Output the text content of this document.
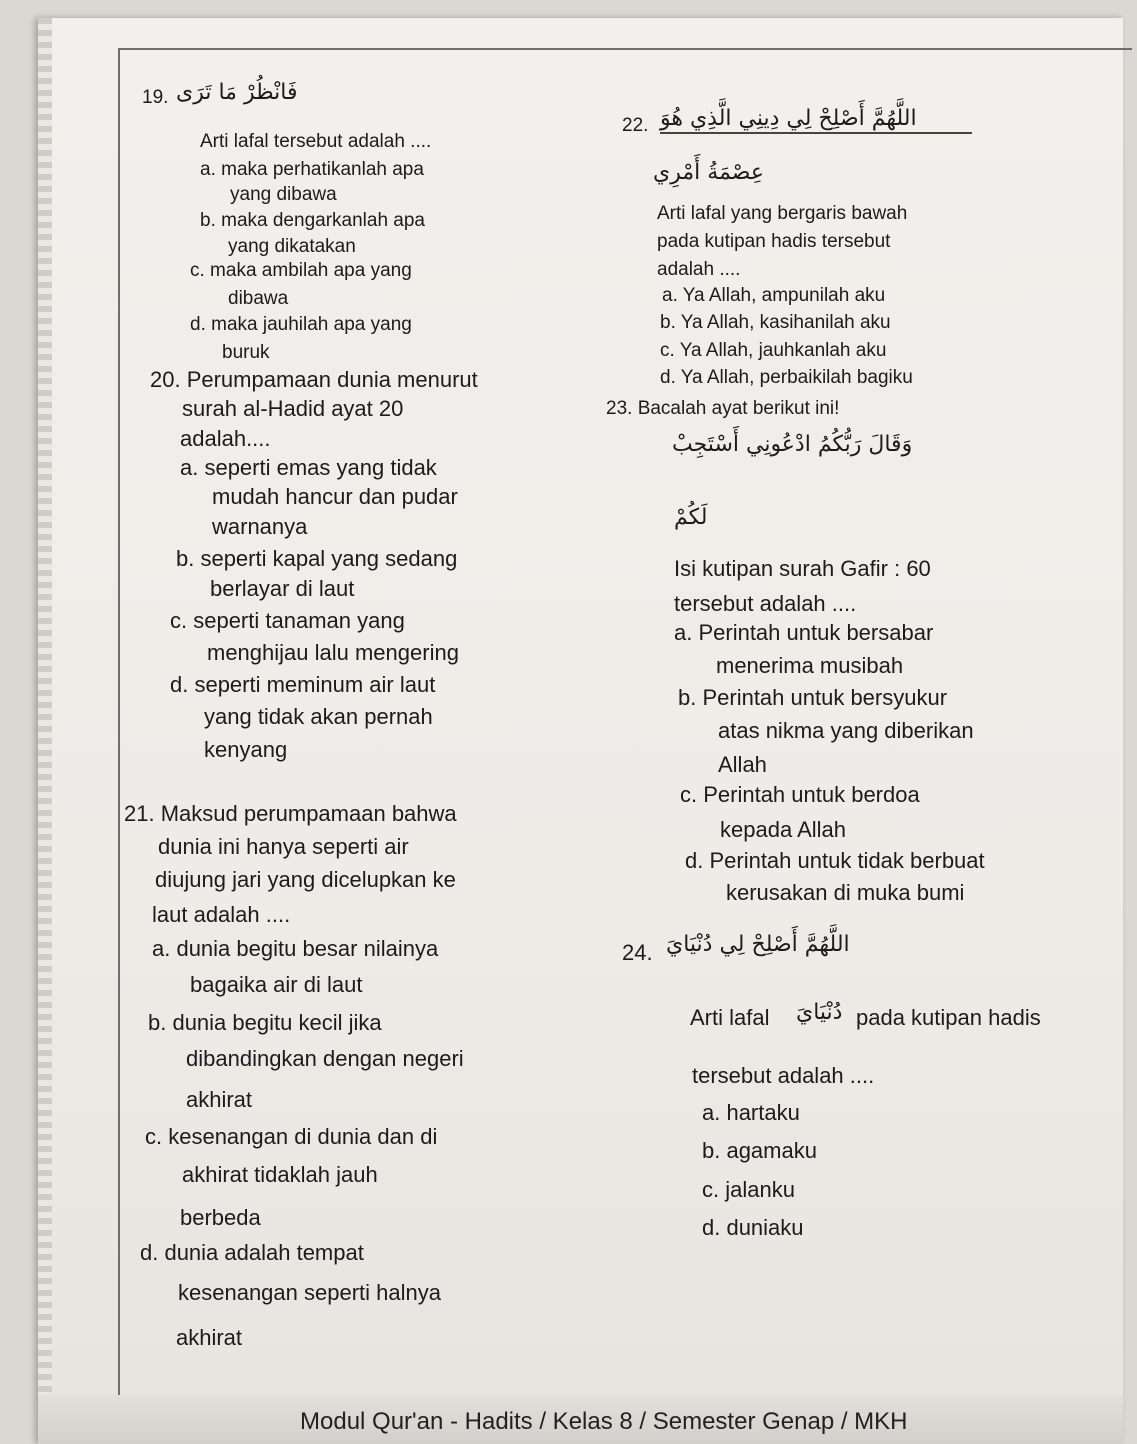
19. فَانْظُرْ مَا تَرَى
Arti lafal tersebut adalah ....
a. maka perhatikanlah apa
yang dibawa
b. maka dengarkanlah apa
yang dikatakan
c. maka ambilah apa yang
dibawa
d. maka jauhilah apa yang
buruk
20. Perumpamaan dunia menurut
surah al-Hadid ayat 20
adalah....
a. seperti emas yang tidak
mudah hancur dan pudar
warnanya
b. seperti kapal yang sedang
berlayar di laut
c. seperti tanaman yang
menghijau lalu mengering
d. seperti meminum air laut
yang tidak akan pernah
kenyang
21. Maksud perumpamaan bahwa
dunia ini hanya seperti air
diujung jari yang dicelupkan ke
laut adalah ....
a. dunia begitu besar nilainya
bagaika air di laut
b. dunia begitu kecil jika
dibandingkan dengan negeri
akhirat
c. kesenangan di dunia dan di
akhirat tidaklah jauh
berbeda
d. dunia adalah tempat
kesenangan seperti halnya
akhirat
22. اللَّهُمَّ أَصْلِحْ لِي دِينِي الَّذِي هُوَ
عِصْمَةُ أَمْرِي
Arti lafal yang bergaris bawah
pada kutipan hadis tersebut
adalah ....
a. Ya Allah, ampunilah aku
b. Ya Allah, kasihanilah aku
c. Ya Allah, jauhkanlah aku
d. Ya Allah, perbaikilah bagiku
23. Bacalah ayat berikut ini!
وَقَالَ رَبُّكُمُ ادْعُونِي أَسْتَجِبْ
لَكُمْ
Isi kutipan surah Gafir : 60
tersebut adalah ....
a. Perintah untuk bersabar
menerima musibah
b. Perintah untuk bersyukur
atas nikma yang diberikan
Allah
c. Perintah untuk berdoa
kepada Allah
d. Perintah untuk tidak berbuat
kerusakan di muka bumi
24. اللَّهُمَّ أَصْلِحْ لِي دُنْيَايَ
Arti lafal دُنْيَايَ pada kutipan hadis
tersebut adalah ....
a. hartaku
b. agamaku
c. jalanku
d. duniaku
Modul Qur'an - Hadits / Kelas 8 / Semester Genap / MKH
